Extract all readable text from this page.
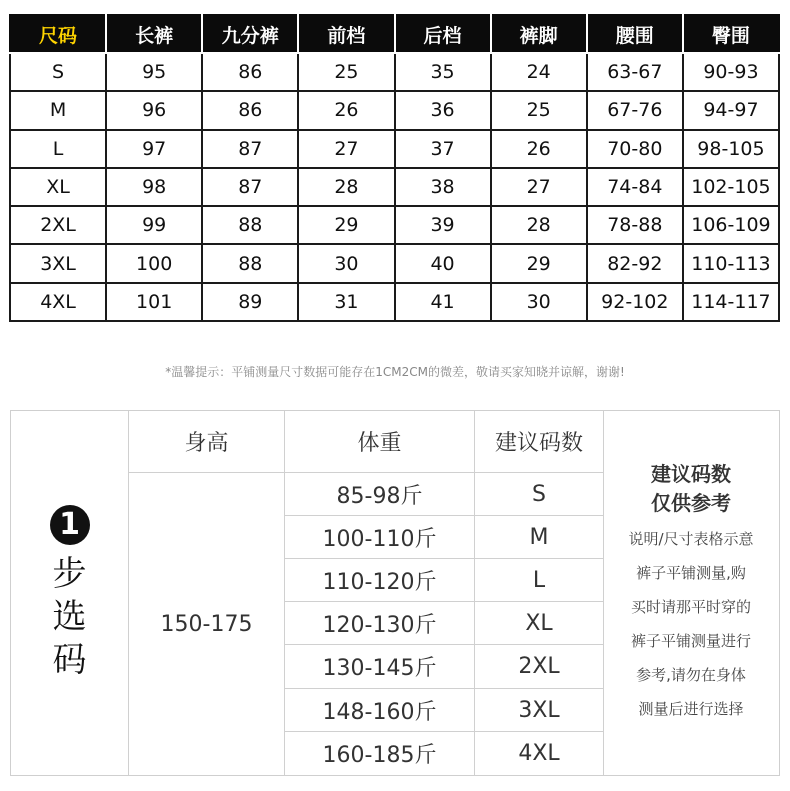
尺码	长裤	九分裤	前档	后档	裤脚	腰围	臀围
S	95	86	25	35	24	63-67	90-93
M	96	86	26	36	25	67-76	94-97
L	97	87	27	37	26	70-80	98-105
XL	98	87	28	38	27	74-84	102-105
2XL	99	88	29	39	28	78-88	106-109
3XL	100	88	30	40	29	82-92	110-113
4XL	101	89	31	41	30	92-102	114-117
*温馨提示：平铺测量尺寸数据可能存在1CM2CM的微差，敬请买家知晓并谅解，谢谢!
1
步
选
码
身高	体重	建议码数
150-175
85-98斤	S
100-110斤	M
110-120斤	L
120-130斤	XL
130-145斤	2XL
148-160斤	3XL
160-185斤	4XL
建议码数
仅供参考
说明/尺寸表格示意
裤子平铺测量,购
买时请那平时穿的
裤子平铺测量进行
参考,请勿在身体
测量后进行选择
